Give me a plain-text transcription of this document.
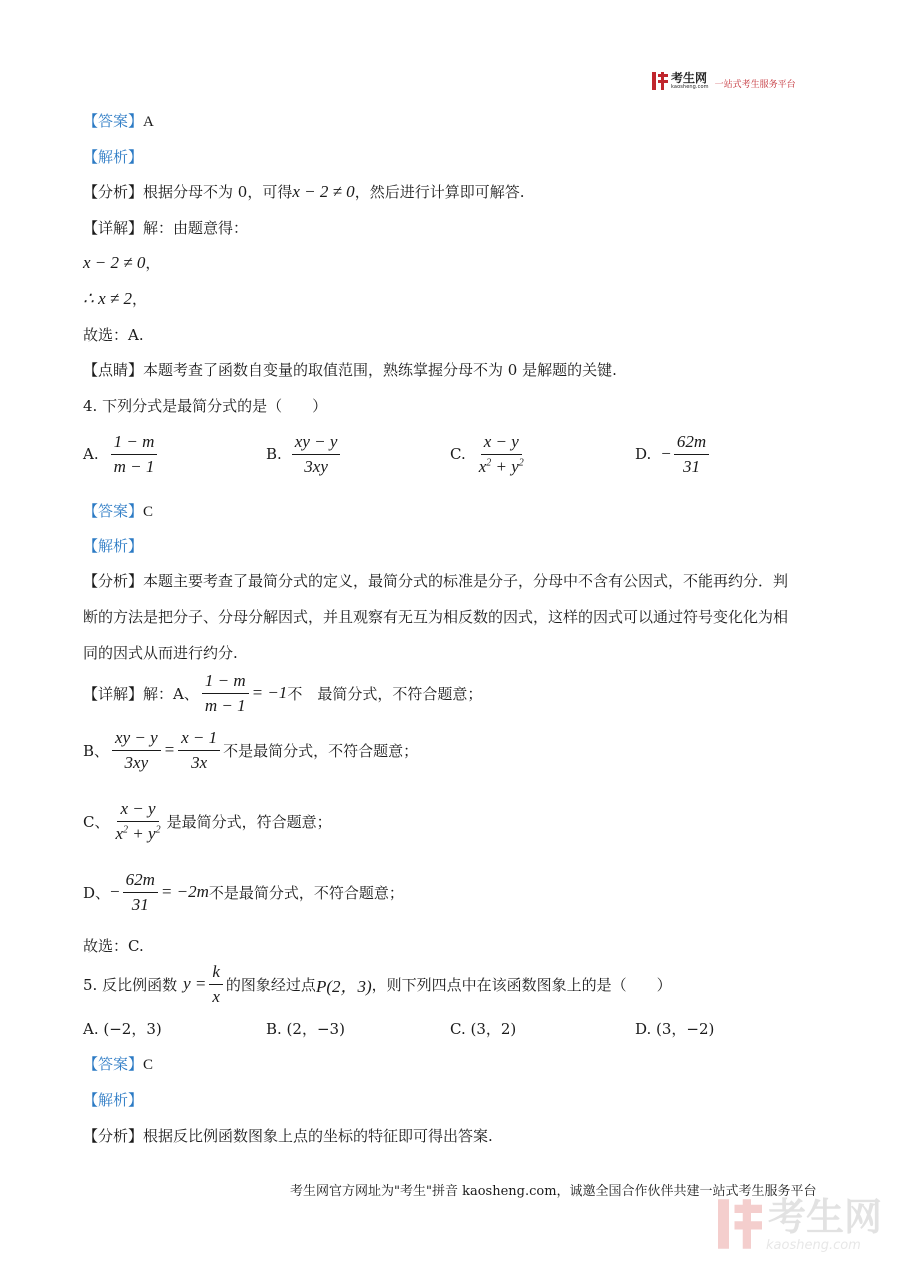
考生网
kaosheng.com 一站式考生服务平台
【答案】A
【解析】
【分析】根据分母不为 0，可得x − 2 ≠ 0，然后进行计算即可解答.
【详解】解：由题意得：
x − 2 ≠ 0，
∴ x ≠ 2，
故选：A.
【点睛】本题考查了函数自变量的取值范围，熟练掌握分母不为 0 是解题的关键.
4. 下列分式是最简分式的是（　　）
A. $\frac{1 - m}{m - 1}$	B. $\frac{xy - y}{3xy}$	C. $\frac{x - y}{x^2 + y^2}$	D. − $\frac{62m}{31}$
【答案】C
【解析】
【分析】本题主要考查了最简分式的定义，最简分式的标准是分子，分母中不含有公因式，不能再约分．判
断的方法是把分子、分母分解因式，并且观察有无互为相反数的因式，这样的因式可以通过符号变化化为相
同的因式从而进行约分.
【详解】 解：A、 $\frac{1 - m}{m - 1} = -1$ 不　最简分式，不符合题意；
B、 $\frac{xy - y}{3xy} = \frac{x - 1}{3x}$ 不是最简分式，不符合题意；
C、 $\frac{x - y}{x^2 + y^2}$ 是最简分式，符合题意；
D、 − $\frac{62m}{31} = -2m$ 不是最简分式，不符合题意；
故选：C.
5. 反比例函数 $y = \frac{k}{x}$ 的图象经过点 P(2，3) ，则下列四点中在该函数图象上的是（　　）
A. (−2，3)	B. (2，−3)	C. (3，2)	D. (3，−2)
【答案】C
【解析】
【分析】根据反比例函数图象上点的坐标的特征即可得出答案.
考生网官方网址为"考生"拼音 kaosheng.com，诚邀全国合作伙伴共建一站式考生服务平台
考生网
kaosheng.com
